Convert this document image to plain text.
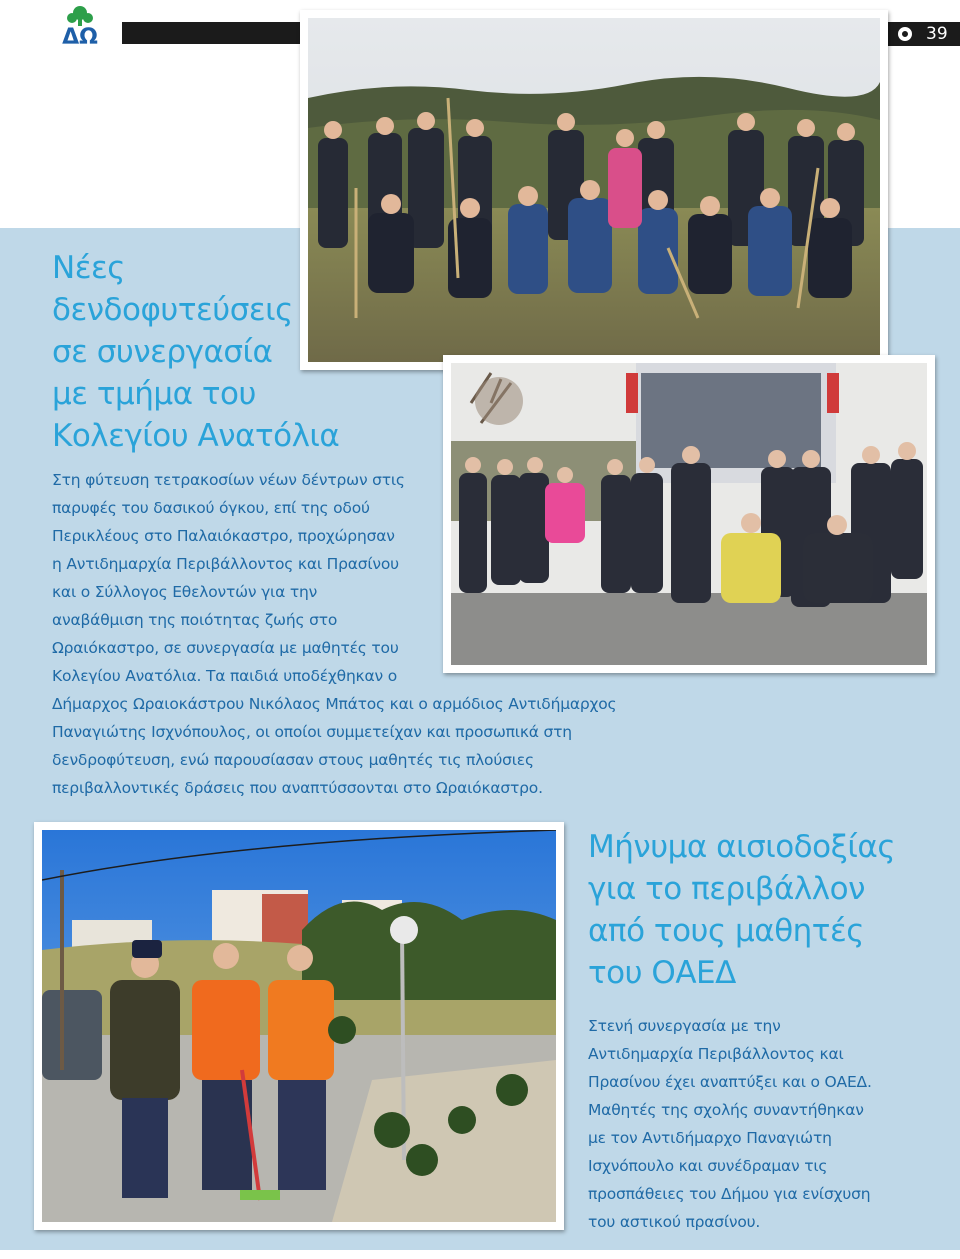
ΔΩ	39
Νέες
δενδοφυτεύσεις
σε συνεργασία
με τμήμα του
Κολεγίου Ανατόλια
Στη φύτευση τετρακοσίων νέων δέντρων στις
παρυφές του δασικού όγκου, επί της οδού
Περικλέους στο Παλαιόκαστρο, προχώρησαν
η Αντιδημαρχία Περιβάλλοντος και Πρασίνου
και ο Σύλλογος Εθελοντών για την
αναβάθμιση της ποιότητας ζωής στο
Ωραιόκαστρο, σε συνεργασία με μαθητές του
Κολεγίου Ανατόλια. Τα παιδιά υποδέχθηκαν ο
Δήμαρχος Ωραιοκάστρου Νικόλαος Μπάτος και ο αρμόδιος Αντιδήμαρχος
Παναγιώτης Ισχνόπουλος, οι οποίοι συμμετείχαν και προσωπικά στη
δενδροφύτευση, ενώ παρουσίασαν στους μαθητές τις πλούσιες
περιβαλλοντικές δράσεις που αναπτύσσονται στο Ωραιόκαστρο.
Μήνυμα αισιοδοξίας
για το περιβάλλον
από τους μαθητές
του ΟΑΕΔ
Στενή συνεργασία με την
Αντιδημαρχία Περιβάλλοντος και
Πρασίνου έχει αναπτύξει και ο ΟΑΕΔ.
Μαθητές της σχολής συναντήθηκαν
με τον Αντιδήμαρχο Παναγιώτη
Ισχνόπουλο και συνέδραμαν τις
προσπάθειες του Δήμου για ενίσχυση
του αστικού πρασίνου.
